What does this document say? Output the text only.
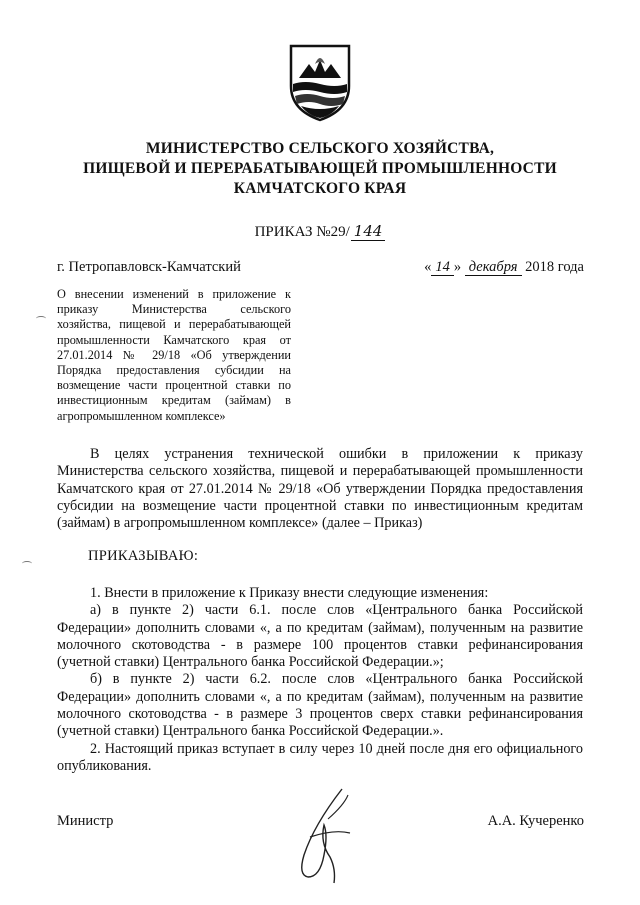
МИНИСТЕРСТВО СЕЛЬСКОГО ХОЗЯЙСТВА,
ПИЩЕВОЙ И ПЕРЕРАБАТЫВАЮЩЕЙ ПРОМЫШЛЕННОСТИ
КАМЧАТСКОГО КРАЯ
ПРИКАЗ №29/ 144
г. Петропавловск-Камчатский	« 14 » декабря 2018 года
О внесении изменений в приложение к
приказу Министерства сельского
хозяйства, пищевой и перерабатывающей
промышленности Камчатского края от
27.01.2014 № 29/18 «Об утверждении
Порядка предоставления субсидии на
возмещение части процентной ставки по
инвестиционным кредитам (займам) в
агропромышленном комплексе»
В целях устранения технической ошибки в приложении к приказу
Министерства сельского хозяйства, пищевой и перерабатывающей промышленности
Камчатского края от 27.01.2014 № 29/18 «Об утверждении Порядка предоставления
субсидии на возмещение части процентной ставки по инвестиционным кредитам
(займам) в агропромышленном комплексе» (далее – Приказ)
ПРИКАЗЫВАЮ:
1. Внести в приложение к Приказу внести следующие изменения:
а) в пункте 2) части 6.1. после слов «Центрального банка Российской
Федерации» дополнить словами «, а по кредитам (займам), полученным на развитие
молочного скотоводства - в размере 100 процентов ставки рефинансирования
(учетной ставки) Центрального банка Российской Федерации.»;
б) в пункте 2) части 6.2. после слов «Центрального банка Российской
Федерации» дополнить словами «, а по кредитам (займам), полученным на развитие
молочного скотоводства - в размере 3 процентов сверх ставки рефинансирования
(учетной ставки) Центрального банка Российской Федерации.».
2. Настоящий приказ вступает в силу через 10 дней после дня его официального
опубликования.
Министр	А.А. Кучеренко
